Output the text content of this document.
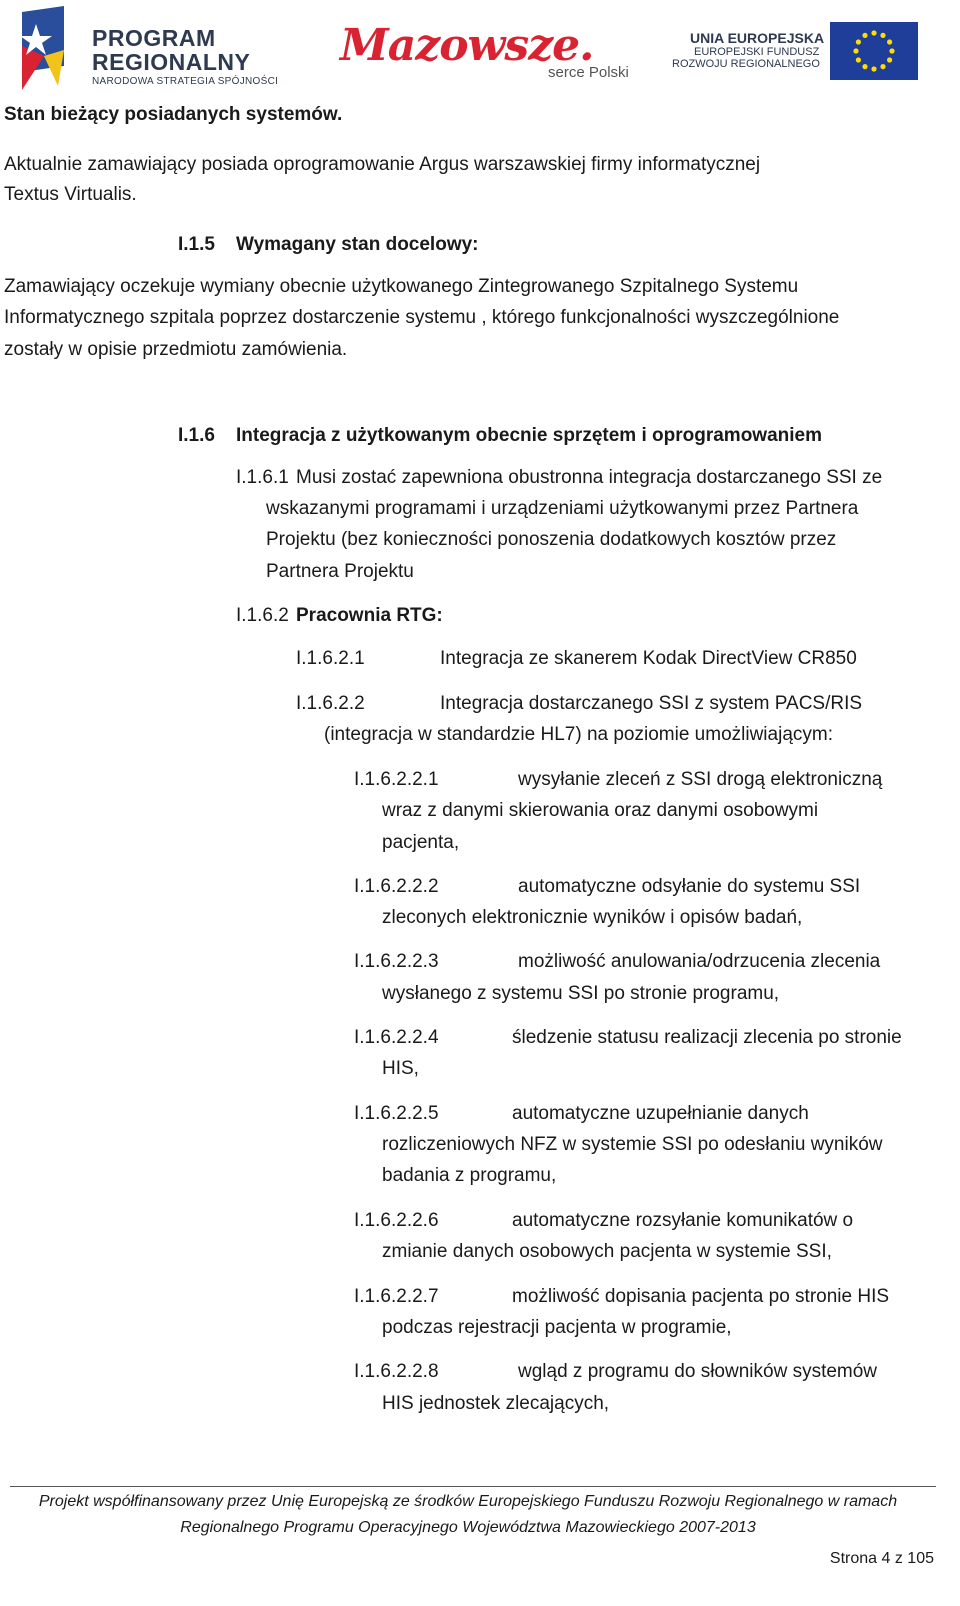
PROGRAM
REGIONALNY
NARODOWA STRATEGIA SPÓJNOŚCI
Mazowsze.
serce Polski
UNIA EUROPEJSKA
EUROPEJSKI FUNDUSZ
ROZWOJU REGIONALNEGO
Stan bieżący posiadanych systemów.
Aktualnie zamawiający posiada oprogramowanie Argus warszawskiej firmy informatycznej
Textus Virtualis.
I.1.5 Wymagany stan docelowy:
Zamawiający oczekuje wymiany obecnie użytkowanego Zintegrowanego Szpitalnego Systemu
Informatycznego szpitala poprzez dostarczenie systemu , którego funkcjonalności wyszczególnione
zostały w opisie przedmiotu zamówienia.
I.1.6 Integracja z użytkowanym obecnie sprzętem i oprogramowaniem
I.1.6.1 Musi zostać zapewniona obustronna integracja dostarczanego SSI ze
wskazanymi programami i urządzeniami użytkowanymi przez Partnera
Projektu (bez konieczności ponoszenia dodatkowych kosztów przez
Partnera Projektu
I.1.6.2 Pracownia RTG:
I.1.6.2.1	Integracja ze skanerem Kodak DirectView CR850
I.1.6.2.2	Integracja dostarczanego SSI z system PACS/RIS
(integracja w standardzie HL7) na poziomie umożliwiającym:
I.1.6.2.2.1	wysyłanie zleceń z SSI drogą elektroniczną
wraz z danymi skierowania oraz danymi osobowymi
pacjenta,
I.1.6.2.2.2	automatyczne odsyłanie do systemu SSI
zleconych elektronicznie wyników i opisów badań,
I.1.6.2.2.3	możliwość anulowania/odrzucenia zlecenia
wysłanego z systemu SSI po stronie programu,
I.1.6.2.2.4	śledzenie statusu realizacji zlecenia po stronie
HIS,
I.1.6.2.2.5	automatyczne uzupełnianie danych
rozliczeniowych NFZ w systemie SSI po odesłaniu wyników
badania z programu,
I.1.6.2.2.6	automatyczne rozsyłanie komunikatów o
zmianie danych osobowych pacjenta w systemie SSI,
I.1.6.2.2.7	możliwość dopisania pacjenta po stronie HIS
podczas rejestracji pacjenta w programie,
I.1.6.2.2.8	wgląd z programu do słowników systemów
HIS jednostek zlecających,
Projekt współfinansowany przez Unię Europejską ze środków Europejskiego Funduszu Rozwoju Regionalnego w ramach
Regionalnego Programu Operacyjnego Województwa Mazowieckiego 2007-2013
Strona 4 z 105
